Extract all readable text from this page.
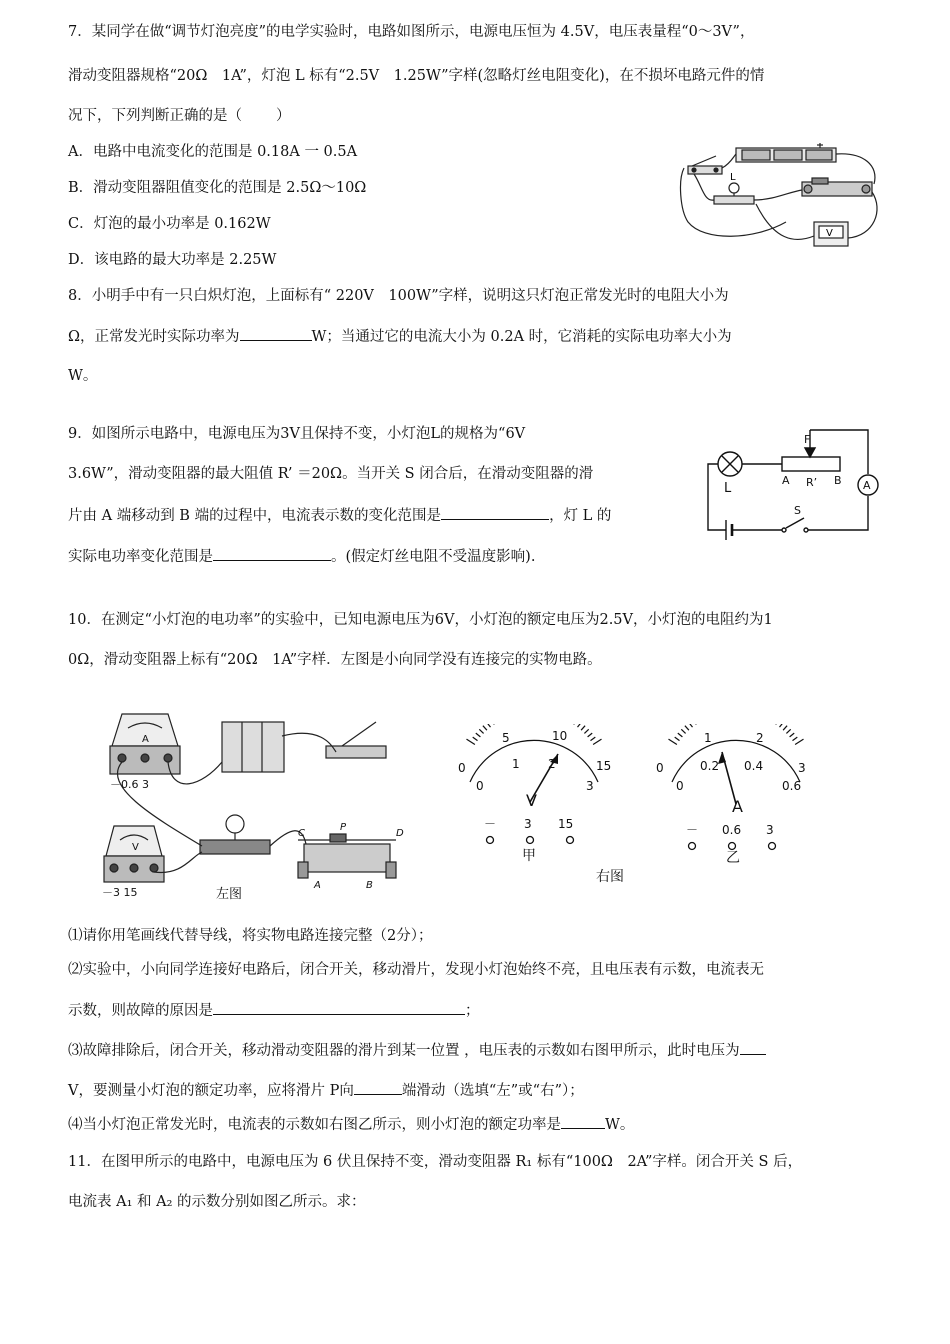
7．某同学在做“调节灯泡亮度”的电学实验时，电路如图所示，电源电压恒为 4.5V，电压表量程“0～3V”，
滑动变阻器规格“20Ω　1A”，灯泡 L 标有“2.5V　1.25W”字样(忽略灯丝电阻变化)，在不损坏电路元件的情
况下，下列判断正确的是（ ）
A．电路中电流变化的范围是 0.18A 一 0.5A
B．滑动变阻器阻值变化的范围是 2.5Ω～10Ω
C．灯泡的最小功率是 0.162W
D．该电路的最大功率是 2.25W
L
V
8．小明手中有一只白炽灯泡，上面标有“ 220V　100W”字样，说明这只灯泡正常发光时的电阻大小为
Ω，正常发光时实际功率为	W；当通过它的电流大小为 0.2A 时，它消耗的实际电功率大小为
W。
9．如图所示电路中，电源电压为3V且保持不变，小灯泡L的规格为“6V
3.6W”，滑动变阻器的最大阻值 R’ ＝20Ω。当开关 S 闭合后，在滑动变阻器的滑
片由 A 端移动到 B 端的过程中，电流表示数的变化范围是	，灯 L 的
实际电功率变化范围是	。(假定灯丝电阻不受温度影响).
F
L
A R’ B A
S
10．在测定“小灯泡的电功率”的实验中，已知电源电压为6V，小灯泡的额定电压为2.5V，小灯泡的电阻约为1
0Ω，滑动变阻器上标有“20Ω　1A”字样．左图是小向同学没有连接完的实物电路。
A
－0.6 3
V
－3 15	左图
C
P
D
A	B
0
5	10
15
0
1 2
3
V
－ 3 15
甲
右图
0
1	2
3
0
0.2 0.4
0.6
A
－ 0.6 3
乙
⑴请你用笔画线代替导线，将实物电路连接完整（2分）；
⑵实验中，小向同学连接好电路后，闭合开关，移动滑片，发现小灯泡始终不亮，且电压表有示数，电流表无
示数，则故障的原因是	；
⑶故障排除后，闭合开关，移动滑动变阻器的滑片到某一位置 ，电压表的示数如右图甲所示，此时电压为
V，要测量小灯泡的额定功率，应将滑片 P向	端滑动（选填“左”或“右”）；
⑷当小灯泡正常发光时，电流表的示数如右图乙所示，则小灯泡的额定功率是	W。
11．在图甲所示的电路中，电源电压为 6 伏且保持不变，滑动变阻器 R₁ 标有“100Ω　2A”字样。闭合开关 S 后，
电流表 A₁ 和 A₂ 的示数分别如图乙所示。求：
